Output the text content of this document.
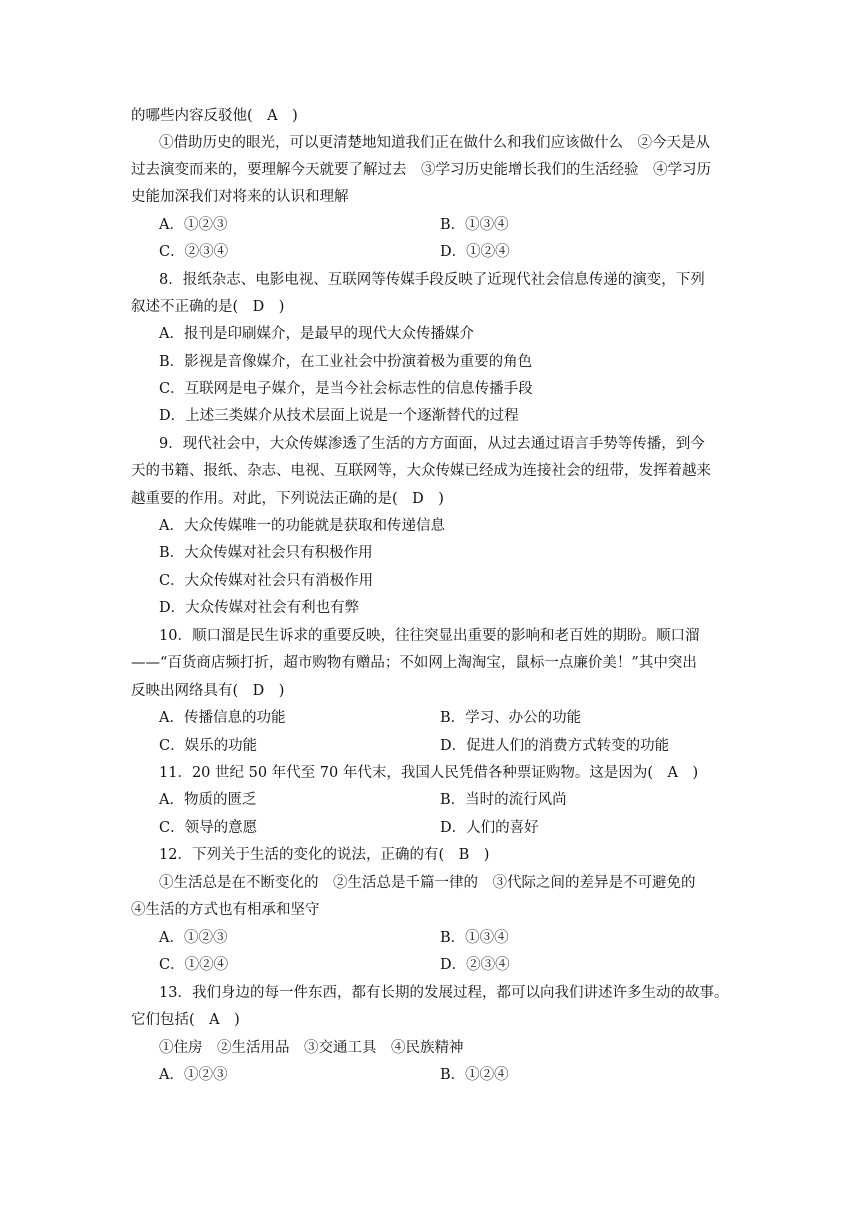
的哪些内容反驳他(　A　)
①借助历史的眼光，可以更清楚地知道我们正在做什么和我们应该做什么　②今天是从
过去演变而来的，要理解今天就要了解过去　③学习历史能增长我们的生活经验　④学习历
史能加深我们对将来的认识和理解
A．①②③	B．①③④
C．②③④	D．①②④
8．报纸杂志、电影电视、互联网等传媒手段反映了近现代社会信息传递的演变，下列
叙述不正确的是(　D　)
A．报刊是印刷媒介，是最早的现代大众传播媒介
B．影视是音像媒介，在工业社会中扮演着极为重要的角色
C．互联网是电子媒介，是当今社会标志性的信息传播手段
D．上述三类媒介从技术层面上说是一个逐渐替代的过程
9．现代社会中，大众传媒渗透了生活的方方面面，从过去通过语言手势等传播，到今
天的书籍、报纸、杂志、电视、互联网等，大众传媒已经成为连接社会的纽带，发挥着越来
越重要的作用。对此，下列说法正确的是(　D　)
A．大众传媒唯一的功能就是获取和传递信息
B．大众传媒对社会只有积极作用
C．大众传媒对社会只有消极作用
D．大众传媒对社会有利也有弊
10．顺口溜是民生诉求的重要反映，往往突显出重要的影响和老百姓的期盼。顺口溜
——“百货商店频打折，超市购物有赠品；不如网上淘淘宝，鼠标一点廉价美！”其中突出
反映出网络具有(　D　)
A．传播信息的功能	B．学习、办公的功能
C．娱乐的功能	D．促进人们的消费方式转变的功能
11．20 世纪 50 年代至 70 年代末，我国人民凭借各种票证购物。这是因为(　A　)
A．物质的匮乏	B．当时的流行风尚
C．领导的意愿	D．人们的喜好
12．下列关于生活的变化的说法，正确的有(　B　)
①生活总是在不断变化的　②生活总是千篇一律的　③代际之间的差异是不可避免的
④生活的方式也有相承和坚守
A．①②③	B．①③④
C．①②④	D．②③④
13．我们身边的每一件东西，都有长期的发展过程，都可以向我们讲述许多生动的故事。
它们包括(　A　)
①住房　②生活用品　③交通工具　④民族精神
A．①②③	B．①②④
